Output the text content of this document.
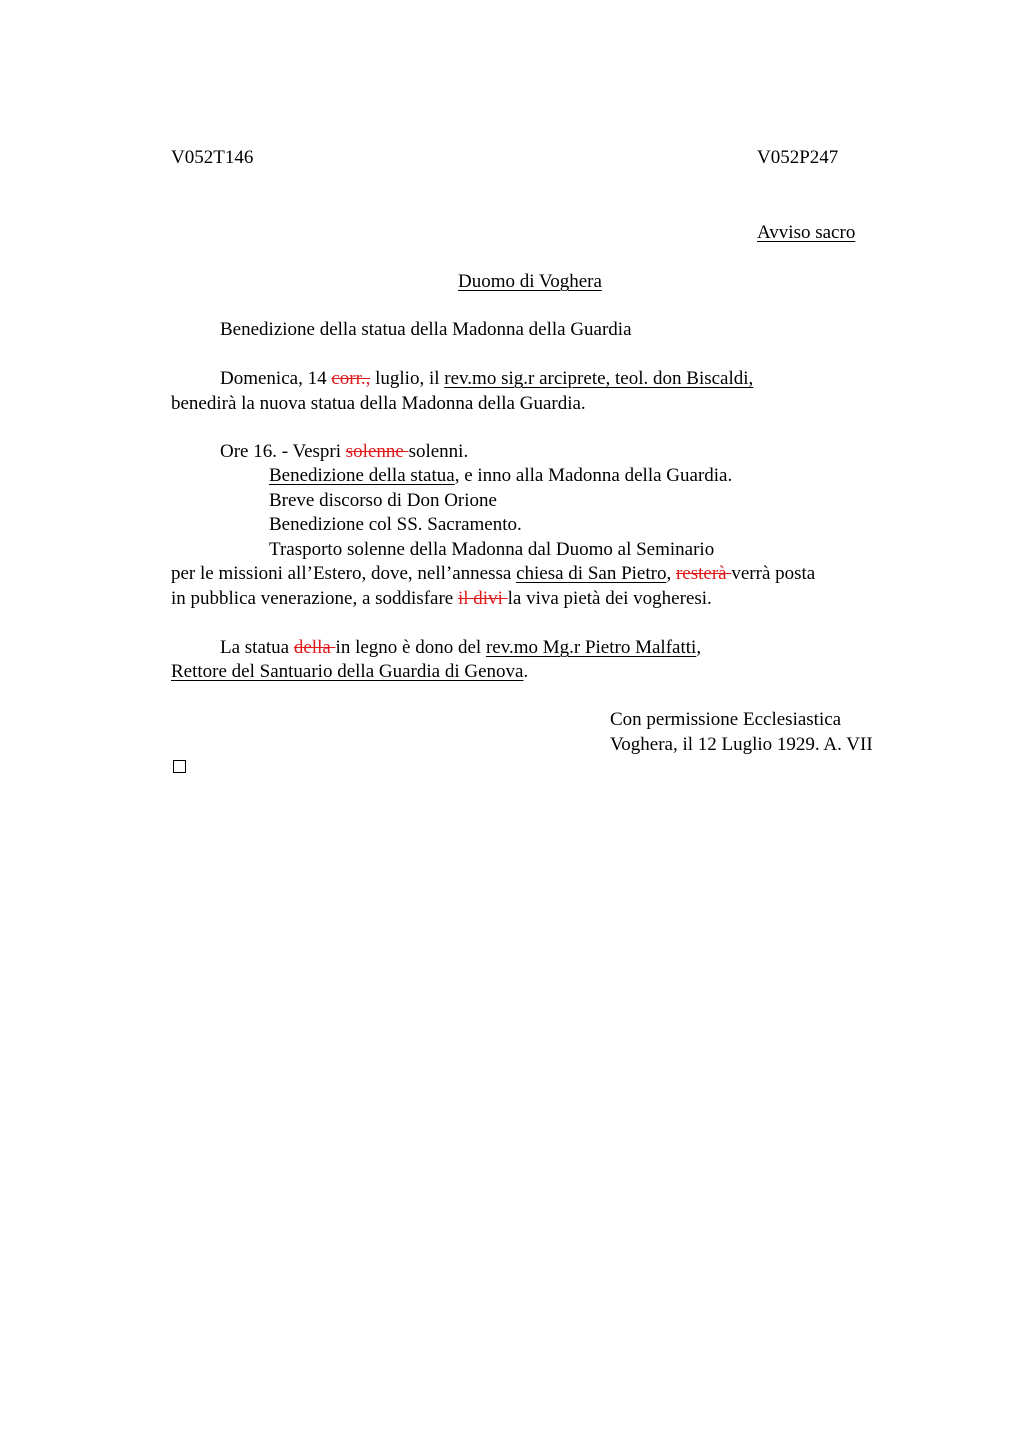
V052T146	V052P247
Avviso sacro
Duomo di Voghera
Benedizione della statua della Madonna della Guardia
Domenica, 14 corr., luglio, il rev.mo sig.r arciprete, teol. don Biscaldi,
benedirà la nuova statua della Madonna della Guardia.
Ore 16. - Vespri solenne solenni.
Benedizione della statua, e inno alla Madonna della Guardia.
Breve discorso di Don Orione
Benedizione col SS. Sacramento.
Trasporto solenne della Madonna dal Duomo al Seminario
per le missioni all’Estero, dove, nell’annessa chiesa di San Pietro, resterà verrà posta
in pubblica venerazione, a soddisfare il divi la viva pietà dei vogheresi.
La statua della in legno è dono del rev.mo Mg.r Pietro Malfatti,
Rettore del Santuario della Guardia di Genova.
Con permissione Ecclesiastica
Voghera, il 12 Luglio 1929. A. VII
